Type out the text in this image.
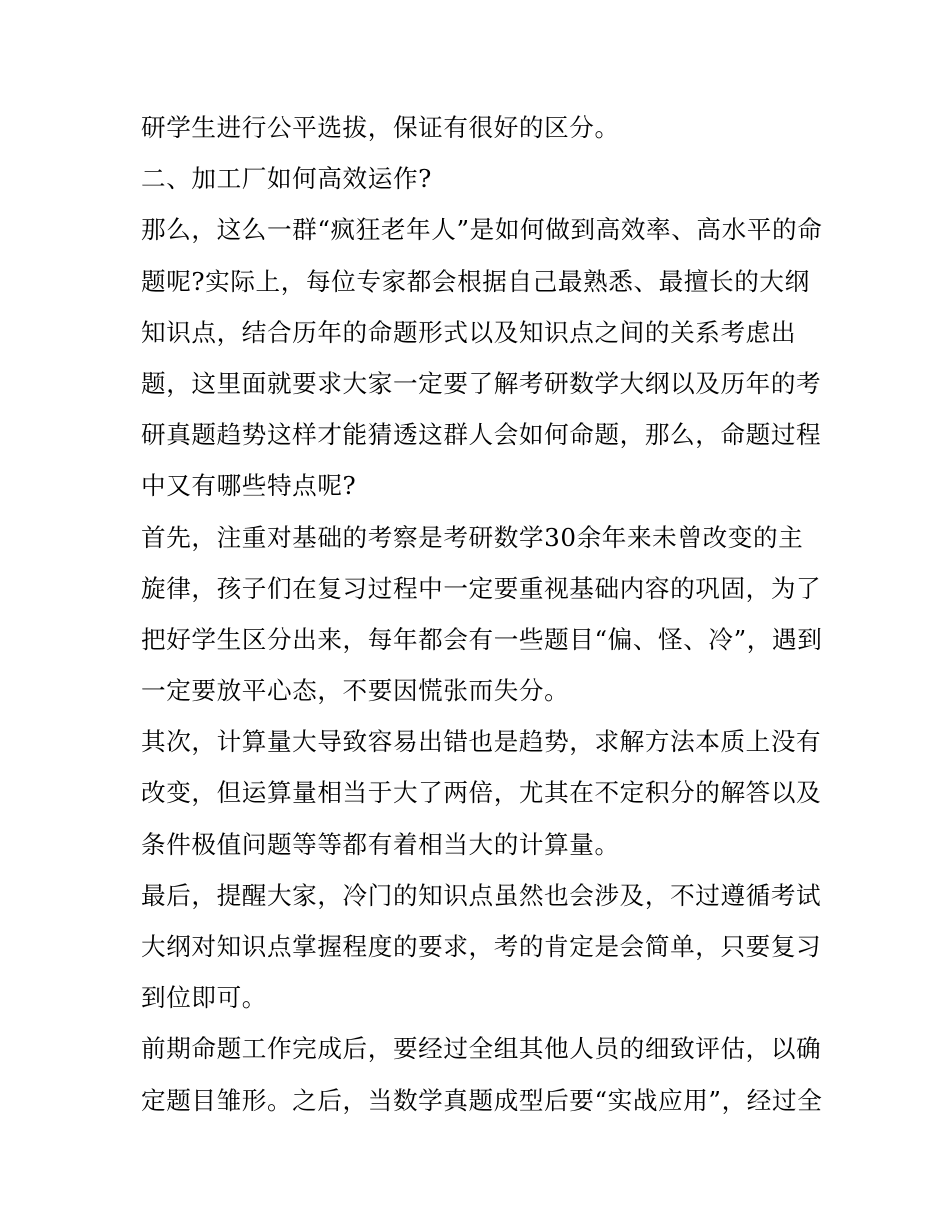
研学生进行公平选拔，保证有很好的区分。
二、加工厂如何高效运作?
那么，这么一群“疯狂老年人”是如何做到高效率、高水平的命
题呢?实际上，每位专家都会根据自己最熟悉、最擅长的大纲
知识点，结合历年的命题形式以及知识点之间的关系考虑出
题，这里面就要求大家一定要了解考研数学大纲以及历年的考
研真题趋势这样才能猜透这群人会如何命题，那么，命题过程
中又有哪些特点呢?
首先，注重对基础的考察是考研数学30余年来未曾改变的主
旋律，孩子们在复习过程中一定要重视基础内容的巩固，为了
把好学生区分出来，每年都会有一些题目“偏、怪、冷”，遇到
一定要放平心态，不要因慌张而失分。
其次，计算量大导致容易出错也是趋势，求解方法本质上没有
改变，但运算量相当于大了两倍，尤其在不定积分的解答以及
条件极值问题等等都有着相当大的计算量。
最后，提醒大家，冷门的知识点虽然也会涉及，不过遵循考试
大纲对知识点掌握程度的要求，考的肯定是会简单，只要复习
到位即可。
前期命题工作完成后，要经过全组其他人员的细致评估，以确
定题目雏形。之后，当数学真题成型后要“实战应用”，经过全
